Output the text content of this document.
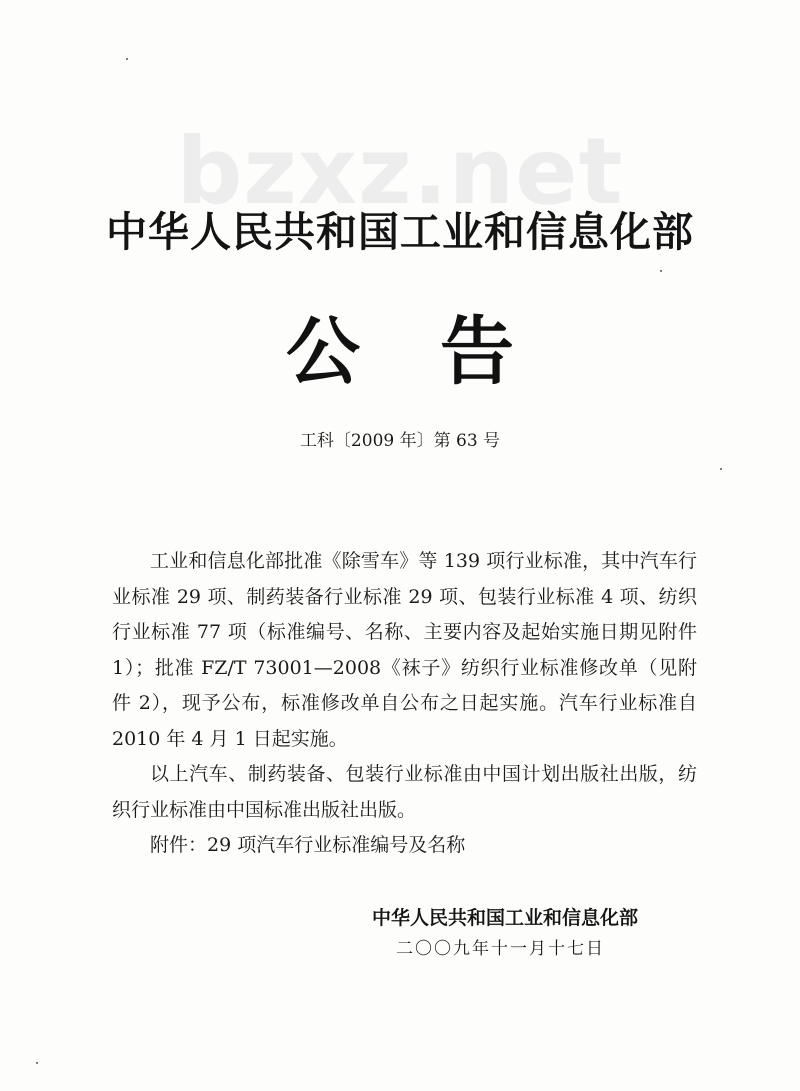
bzxz.net
中华人民共和国工业和信息化部
公告
工科〔2009 年〕第 63 号

工业和信息化部批准《除雪车》等 139 项行业标准，其中汽车行业标准 29 项、制药装备行业标准 29 项、包装行业标准 4 项、纺织行业标准 77 项（标准编号、名称、主要内容及起始实施日期见附件 1）；批准 FZ/T 73001—2008《袜子》纺织行业标准修改单（见附件 2），现予公布，标准修改单自公布之日起实施。汽车行业标准自 2010 年 4 月 1 日起实施。

以上汽车、制药装备、包装行业标准由中国计划出版社出版，纺织行业标准由中国标准出版社出版。

附件：29 项汽车行业标准编号及名称

中华人民共和国工业和信息化部
二〇〇九年十一月十七日
